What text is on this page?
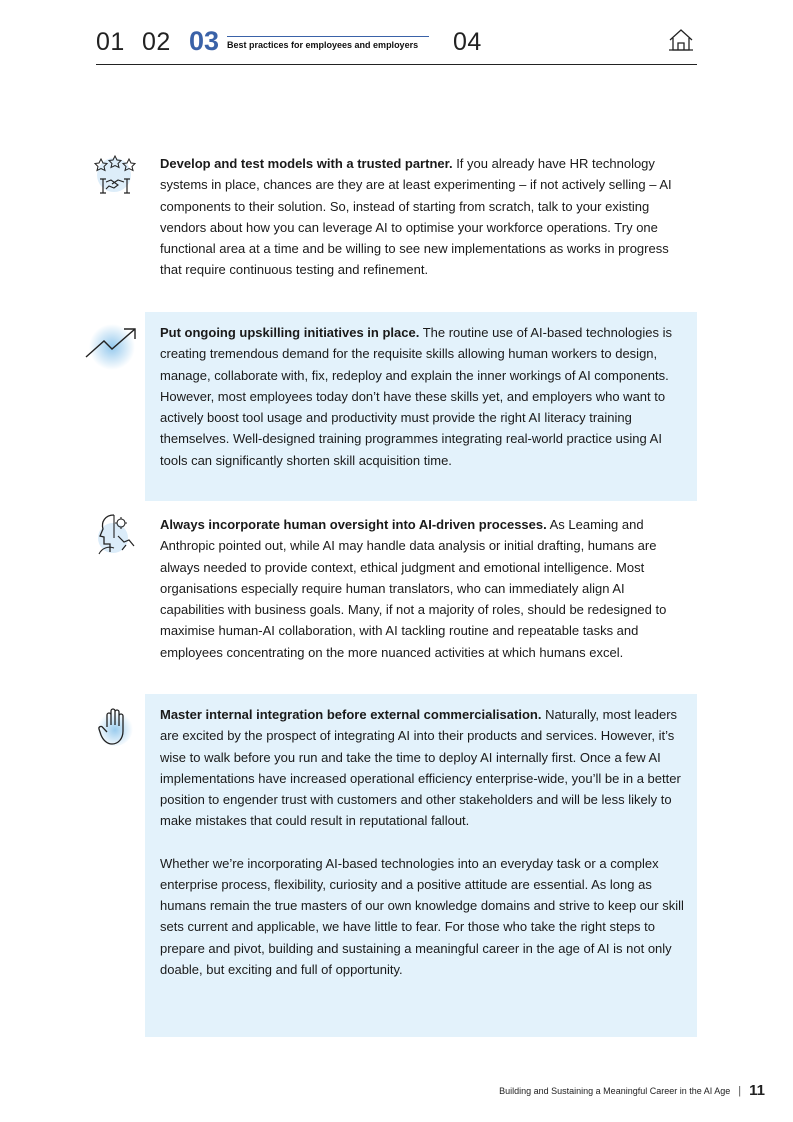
01 02 03 Best practices for employees and employers	04

Develop and test models with a trusted partner. If you already have HR technology systems in place, chances are they are at least experimenting – if not actively selling – AI components to their solution. So, instead of starting from scratch, talk to your existing vendors about how you can leverage AI to optimise your workforce operations. Try one functional area at a time and be willing to see new implementations as works in progress that require continuous testing and refinement.

Put ongoing upskilling initiatives in place. The routine use of AI-based technologies is creating tremendous demand for the requisite skills allowing human workers to design, manage, collaborate with, fix, redeploy and explain the inner workings of AI components. However, most employees today don’t have these skills yet, and employers who want to actively boost tool usage and productivity must provide the right AI literacy training themselves. Well-designed training programmes integrating real-world practice using AI tools can significantly shorten skill acquisition time.

Always incorporate human oversight into AI-driven processes. As Leaming and Anthropic pointed out, while AI may handle data analysis or initial drafting, humans are always needed to provide context, ethical judgment and emotional intelligence. Most organisations especially require human translators, who can immediately align AI capabilities with business goals. Many, if not a majority of roles, should be redesigned to maximise human-AI collaboration, with AI tackling routine and repeatable tasks and employees concentrating on the more nuanced activities at which humans excel.

Master internal integration before external commercialisation. Naturally, most leaders are excited by the prospect of integrating AI into their products and services. However, it’s wise to walk before you run and take the time to deploy AI internally first. Once a few AI implementations have increased operational efficiency enterprise-wide, you’ll be in a better position to engender trust with customers and other stakeholders and will be less likely to make mistakes that could result in reputational fallout.

Whether we’re incorporating AI-based technologies into an everyday task or a complex enterprise process, flexibility, curiosity and a positive attitude are essential. As long as humans remain the true masters of our own knowledge domains and strive to keep our skill sets current and applicable, we have little to fear. For those who take the right steps to prepare and pivot, building and sustaining a meaningful career in the age of AI is not only doable, but exciting and full of opportunity.

Building and Sustaining a Meaningful Career in the AI Age | 11
